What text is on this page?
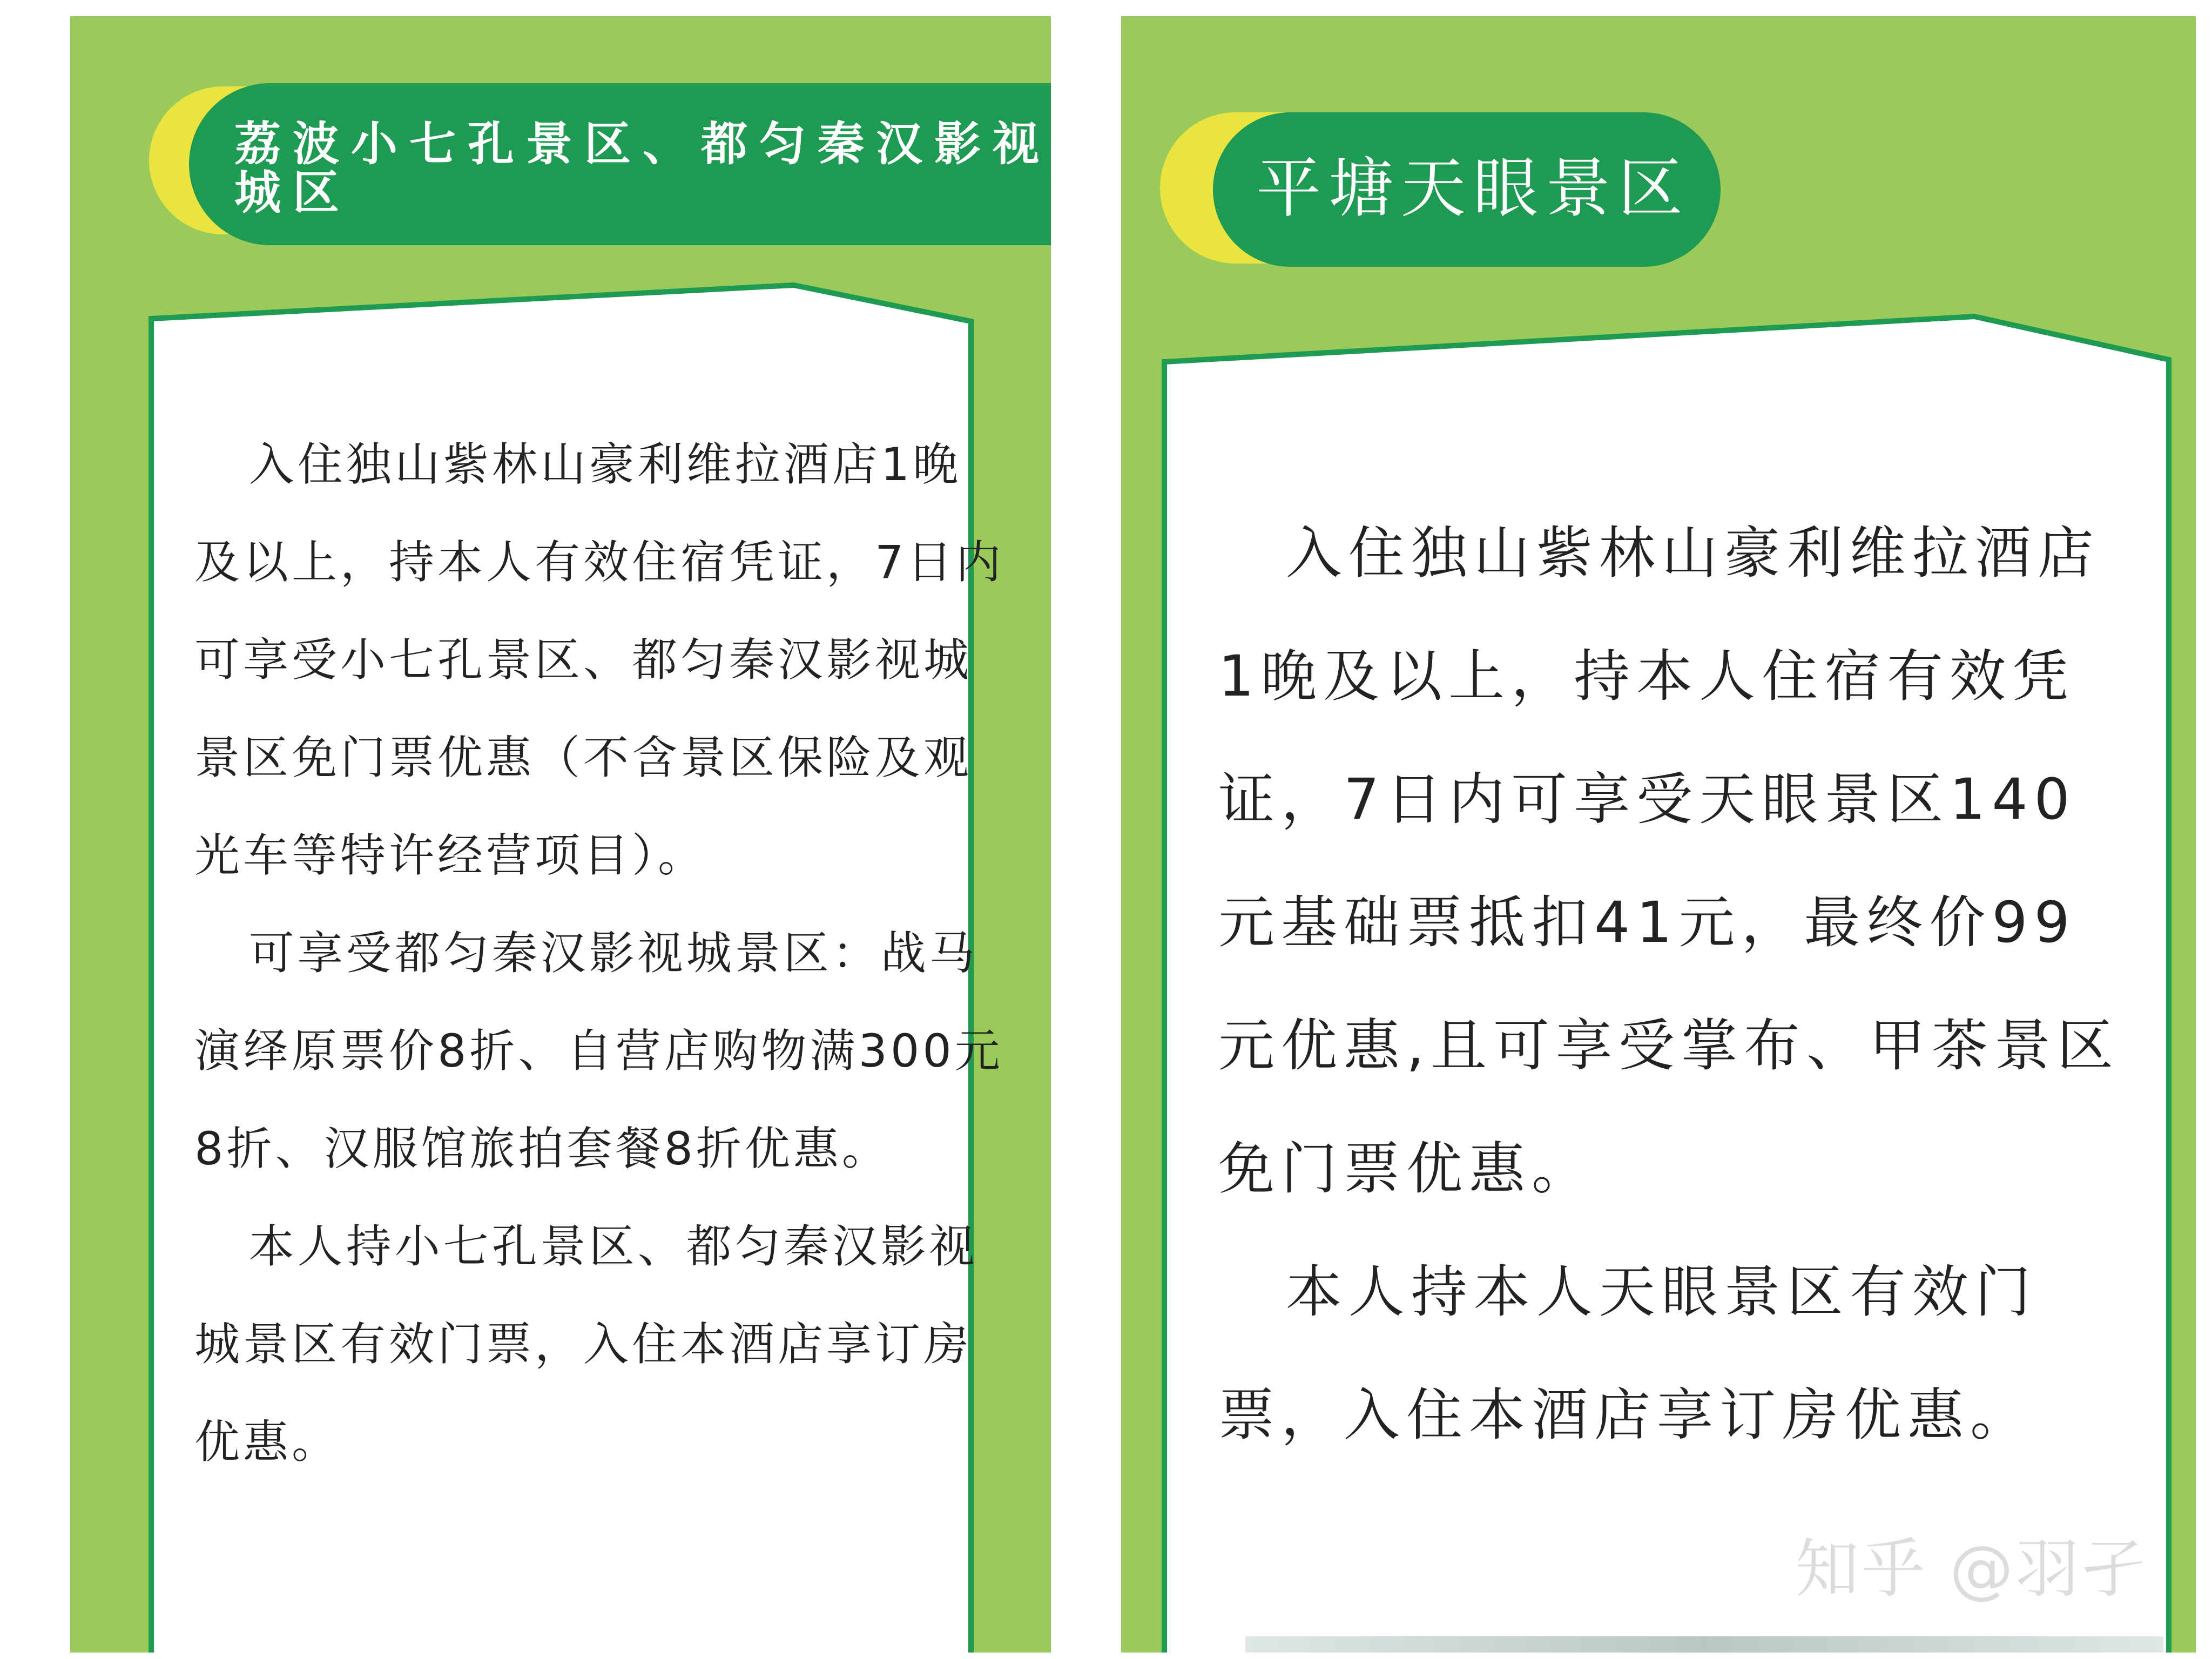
荔波小七孔景区、都匀秦汉影视城区

入住独山紫林山豪利维拉酒店1晚及以上，持本人有效住宿凭证，7日内可享受小七孔景区、都匀秦汉影视城景区免门票优惠（不含景区保险及观光车等特许经营项目）。

可享受都匀秦汉影视城景区：战马演绎原票价8折、自营店购物满300元8折、汉服馆旅拍套餐8折优惠。

本人持小七孔景区、都匀秦汉影视城景区有效门票，入住本酒店享订房优惠。

平塘天眼景区

入住独山紫林山豪利维拉酒店1晚及以上，持本人住宿有效凭证，7日内可享受天眼景区140元基础票抵扣41元，最终价99元优惠,且可享受掌布、甲茶景区免门票优惠。

本人持本人天眼景区有效门票，入住本酒店享订房优惠。

知乎 @羽孑
